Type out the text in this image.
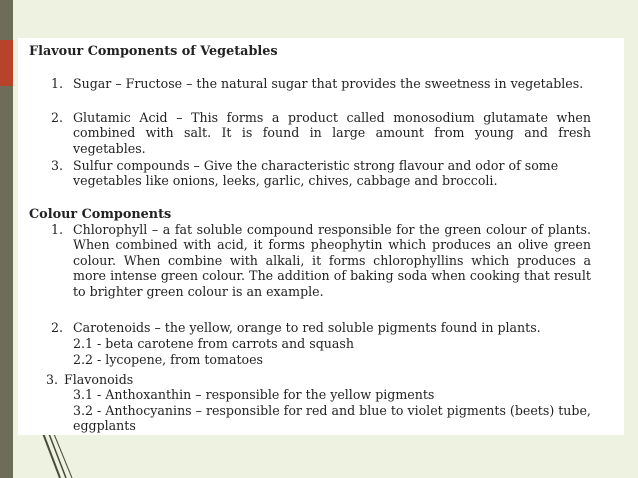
Flavour Components of Vegetables
1. Sugar – Fructose – the natural sugar that provides the sweetness in vegetables.
2. Glutamic Acid – This forms a product called monosodium glutamate when combined with salt. It is found in large amount from young and fresh vegetables.
3. Sulfur compounds – Give the characteristic strong flavour and odor of some vegetables like onions, leeks, garlic, chives, cabbage and broccoli.
Colour Components
1. Chlorophyll – a fat soluble compound responsible for the green colour of plants. When combined with acid, it forms pheophytin which produces an olive green colour. When combine with alkali, it forms chlorophyllins which produces a more intense green colour. The addition of baking soda when cooking that result to brighter green colour is an example.
2. Carotenoids – the yellow, orange to red soluble pigments found in plants.
2.1 - beta carotene from carrots and squash
2.2 - lycopene, from tomatoes
3. Flavonoids
3.1 - Anthoxanthin – responsible for the yellow pigments
3.2 - Anthocyanins – responsible for red and blue to violet pigments (beets) tube, eggplants
